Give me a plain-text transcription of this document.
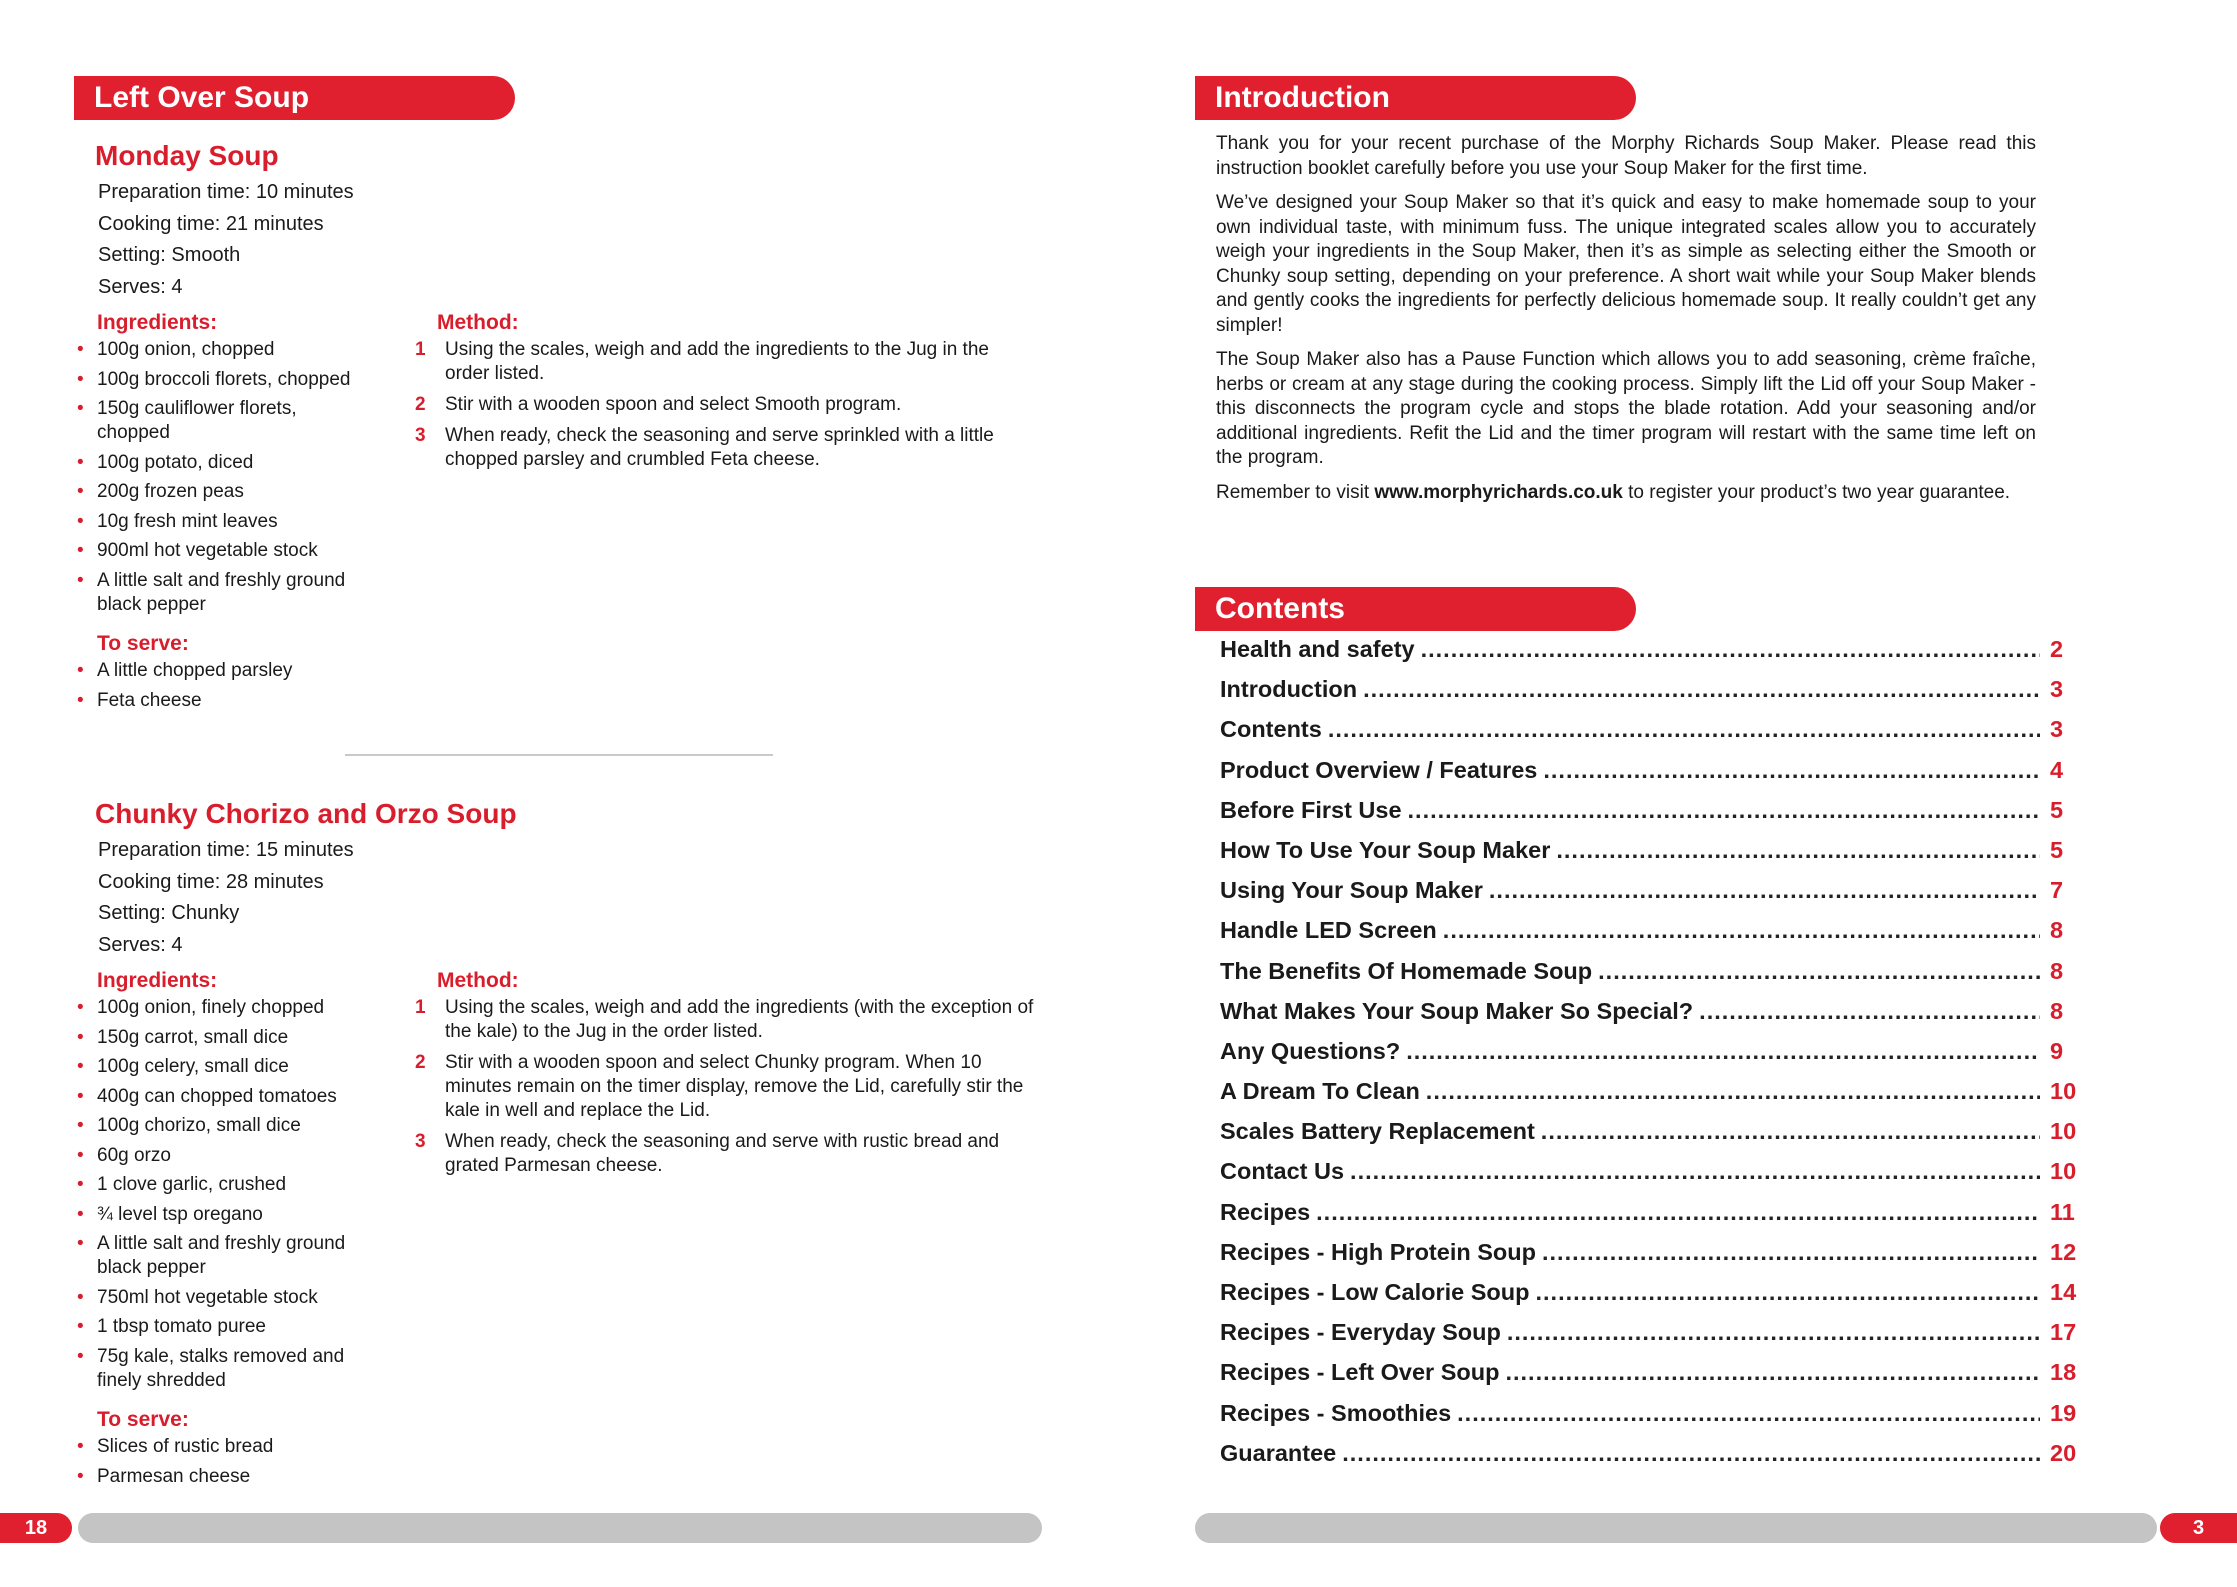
Left Over Soup
Monday Soup
Preparation time: 10 minutes
Cooking time: 21 minutes
Setting: Smooth
Serves: 4
Ingredients:
• 100g onion, chopped
• 100g broccoli florets, chopped
• 150g cauliflower florets, chopped
• 100g potato, diced
• 200g frozen peas
• 10g fresh mint leaves
• 900ml hot vegetable stock
• A little salt and freshly ground black pepper
To serve:
• A little chopped parsley
• Feta cheese
Method:
1 Using the scales, weigh and add the ingredients to the Jug in the order listed.
2 Stir with a wooden spoon and select Smooth program.
3 When ready, check the seasoning and serve sprinkled with a little chopped parsley and crumbled Feta cheese.
Chunky Chorizo and Orzo Soup
Preparation time: 15 minutes
Cooking time: 28 minutes
Setting: Chunky
Serves: 4
Ingredients:
• 100g onion, finely chopped
• 150g carrot, small dice
• 100g celery, small dice
• 400g can chopped tomatoes
• 100g chorizo, small dice
• 60g orzo
• 1 clove garlic, crushed
• ¾ level tsp oregano
• A little salt and freshly ground black pepper
• 750ml hot vegetable stock
• 1 tbsp tomato puree
• 75g kale, stalks removed and finely shredded
To serve:
• Slices of rustic bread
• Parmesan cheese
Method:
1 Using the scales, weigh and add the ingredients (with the exception of the kale) to the Jug in the order listed.
2 Stir with a wooden spoon and select Chunky program. When 10 minutes remain on the timer display, remove the Lid, carefully stir the kale in well and replace the Lid.
3 When ready, check the seasoning and serve with rustic bread and grated Parmesan cheese.
18
Introduction

Thank you for your recent purchase of the Morphy Richards Soup Maker. Please read this instruction booklet carefully before you use your Soup Maker for the first time.

We’ve designed your Soup Maker so that it’s quick and easy to make homemade soup to your own individual taste, with minimum fuss. The unique integrated scales allow you to accurately weigh your ingredients in the Soup Maker, then it’s as simple as selecting either the Smooth or Chunky soup setting, depending on your preference. A short wait while your Soup Maker blends and gently cooks the ingredients for perfectly delicious homemade soup. It really couldn’t get any simpler!

The Soup Maker also has a Pause Function which allows you to add seasoning, crème fraîche, herbs or cream at any stage during the cooking process. Simply lift the Lid off your Soup Maker - this disconnects the program cycle and stops the blade rotation. Add your seasoning and/or additional ingredients. Refit the Lid and the timer program will restart with the same time left on the program.

Remember to visit www.morphyrichards.co.uk to register your product’s two year guarantee.

Contents
Health and safety .....	2
Introduction .....	3
Contents .....	3
Product Overview / Features .....	4
Before First Use .....	5
How To Use Your Soup Maker .....	5
Using Your Soup Maker .....	7
Handle LED Screen .....	8
The Benefits Of Homemade Soup .....	8
What Makes Your Soup Maker So Special? .....	8
Any Questions? .....	9
A Dream To Clean .....	10
Scales Battery Replacement .....	10
Contact Us .....	10
Recipes .....	11
Recipes - High Protein Soup .....	12
Recipes - Low Calorie Soup .....	14
Recipes - Everyday Soup .....	17
Recipes - Left Over Soup .....	18
Recipes - Smoothies .....	19
Guarantee .....	20
3
